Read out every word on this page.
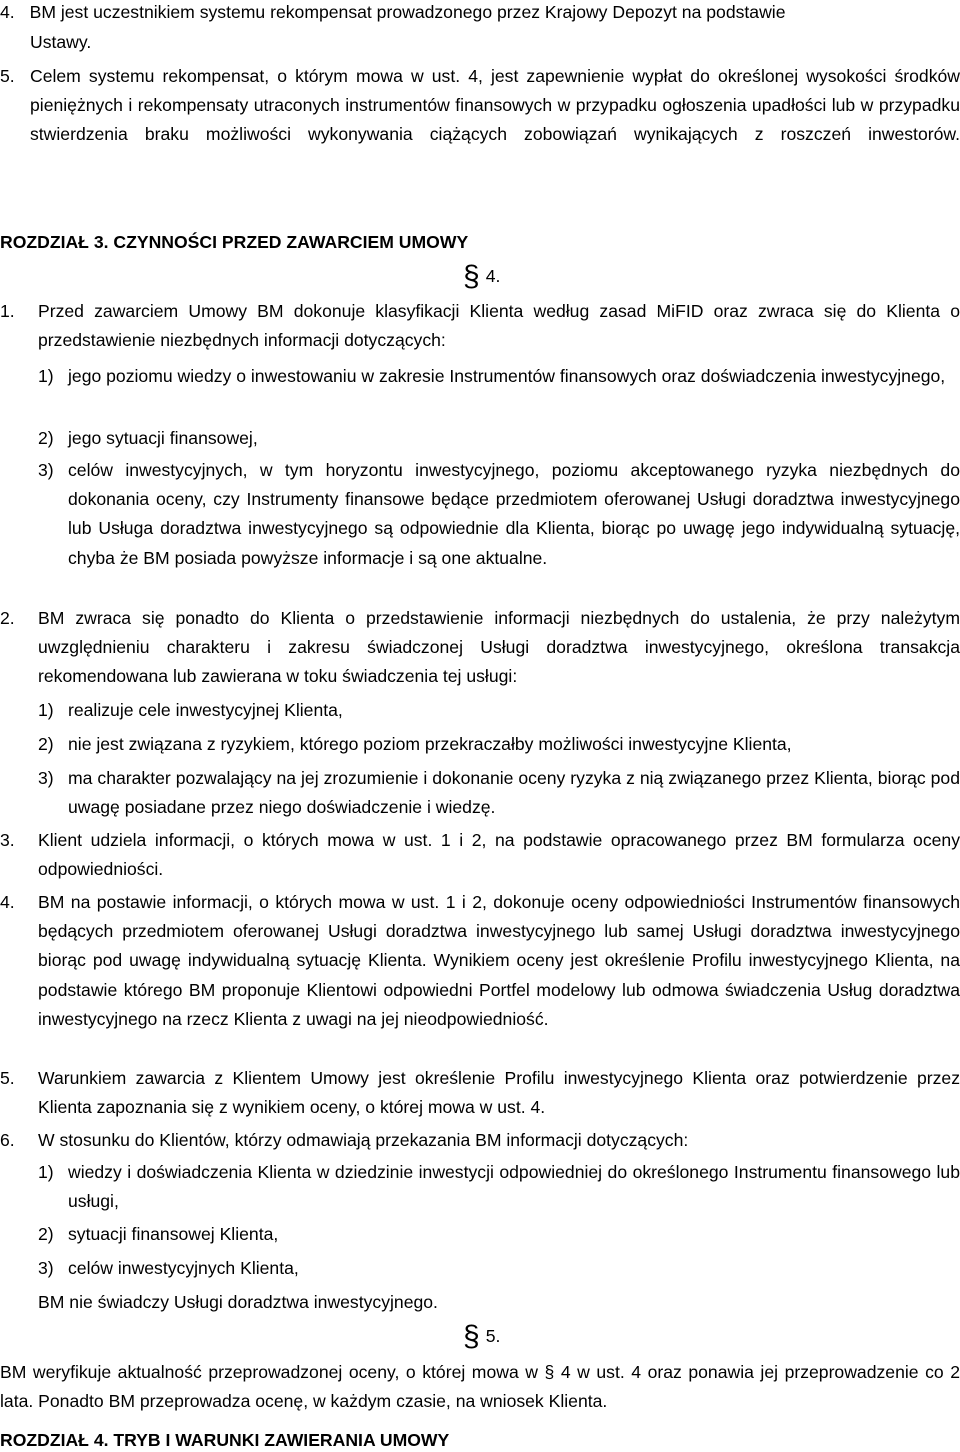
4. BM jest uczestnikiem systemu rekompensat prowadzonego przez Krajowy Depozyt na podstawie
Ustawy.
5. Celem systemu rekompensat, o którym mowa w ust. 4, jest zapewnienie wypłat do określonej wysokości środków pieniężnych i rekompensaty utraconych instrumentów finansowych w przypadku ogłoszenia upadłości lub w przypadku stwierdzenia braku możliwości wykonywania ciążących zobowiązań wynikających z roszczeń inwestorów.
ROZDZIAŁ 3. CZYNNOŚCI PRZED ZAWARCIEM UMOWY
§ 4.
1.	Przed zawarciem Umowy BM dokonuje klasyfikacji Klienta według zasad MiFID oraz zwraca się do Klienta o przedstawienie niezbędnych informacji dotyczących:
1) jego poziomu wiedzy o inwestowaniu w zakresie Instrumentów finansowych oraz doświadczenia inwestycyjnego,
2) jego sytuacji finansowej,
3) celów inwestycyjnych, w tym horyzontu inwestycyjnego, poziomu akceptowanego ryzyka niezbędnych do dokonania oceny, czy Instrumenty finansowe będące przedmiotem oferowanej Usługi doradztwa inwestycyjnego lub Usługa doradztwa inwestycyjnego są odpowiednie dla Klienta, biorąc po uwagę jego indywidualną sytuację, chyba że BM posiada powyższe informacje i są one aktualne.
2.	BM zwraca się ponadto do Klienta o przedstawienie informacji niezbędnych do ustalenia, że przy należytym uwzględnieniu charakteru i zakresu świadczonej Usługi doradztwa inwestycyjnego, określona transakcja rekomendowana lub zawierana w toku świadczenia tej usługi:
1) realizuje cele inwestycyjnej Klienta,
2) nie jest związana z ryzykiem, którego poziom przekraczałby możliwości inwestycyjne Klienta,
3) ma charakter pozwalający na jej zrozumienie i dokonanie oceny ryzyka z nią związanego przez Klienta, biorąc pod uwagę posiadane przez niego doświadczenie i wiedzę.
3.	Klient udziela informacji, o których mowa w ust. 1 i 2, na podstawie opracowanego przez BM formularza oceny odpowiedniości.
4.	BM na postawie informacji, o których mowa w ust. 1 i 2, dokonuje oceny odpowiedniości Instrumentów finansowych będących przedmiotem oferowanej Usługi doradztwa inwestycyjnego lub samej Usługi doradztwa inwestycyjnego biorąc pod uwagę indywidualną sytuację Klienta. Wynikiem oceny jest określenie Profilu inwestycyjnego Klienta, na podstawie którego BM proponuje Klientowi odpowiedni Portfel modelowy lub odmowa świadczenia Usług doradztwa inwestycyjnego na rzecz Klienta z uwagi na jej nieodpowiedniość.
5.	Warunkiem zawarcia z Klientem Umowy jest określenie Profilu inwestycyjnego Klienta oraz potwierdzenie przez Klienta zapoznania się z wynikiem oceny, o której mowa w ust. 4.
6.	W stosunku do Klientów, którzy odmawiają przekazania BM informacji dotyczących:
1) wiedzy i doświadczenia Klienta w dziedzinie inwestycji odpowiedniej do określonego Instrumentu finansowego lub usługi,
2) sytuacji finansowej Klienta,
3) celów inwestycyjnych Klienta,
BM nie świadczy Usługi doradztwa inwestycyjnego.
§ 5.
BM weryfikuje aktualność przeprowadzonej oceny, o której mowa w § 4 w ust. 4 oraz ponawia jej przeprowadzenie co 2 lata. Ponadto BM przeprowadza ocenę, w każdym czasie, na wniosek Klienta.
ROZDZIAŁ 4. TRYB I WARUNKI ZAWIERANIA UMOWY
